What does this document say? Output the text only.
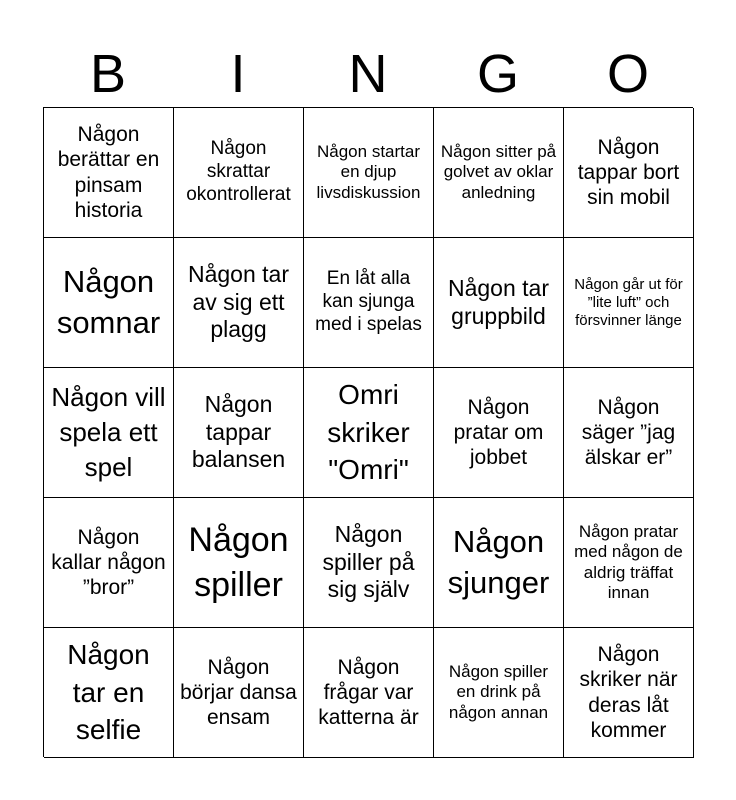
B	I	N	G	O
Någon berättar en pinsam historia
Någon skrattar okontrollerat
Någon startar en djup livsdiskussion
Någon sitter på golvet av oklar anledning
Någon tappar bort sin mobil
Någon somnar
Någon tar av sig ett plagg
En låt alla kan sjunga med i spelas
Någon tar gruppbild
Någon går ut för ”lite luft” och försvinner länge
Någon vill spela ett spel
Någon tappar balansen
Omri skriker "Omri"
Någon pratar om jobbet
Någon säger ”jag älskar er”
Någon kallar någon ”bror”
Någon spiller
Någon spiller på sig själv
Någon sjunger
Någon pratar med någon de aldrig träffat innan
Någon tar en selfie
Någon börjar dansa ensam
Någon frågar var katterna är
Någon spiller en drink på någon annan
Någon skriker när deras låt kommer
